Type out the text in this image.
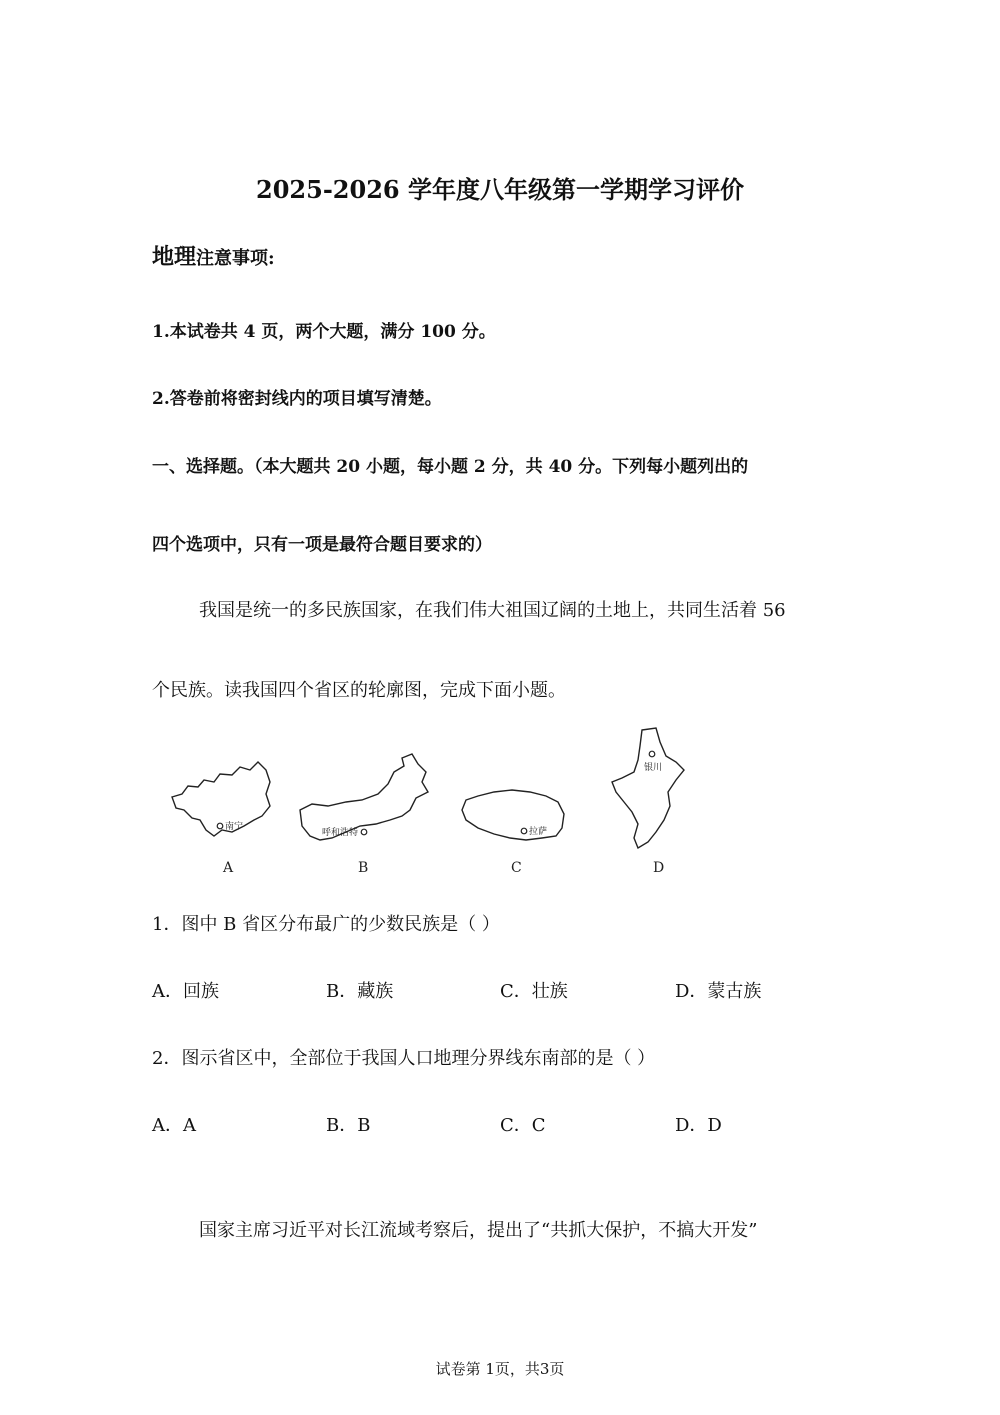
2025-2026 学年度八年级第一学期学习评价
地理注意事项:
1.本试卷共 4 页，两个大题，满分 100 分。
2.答卷前将密封线内的项目填写清楚。
一、选择题。（本大题共 20 小题，每小题 2 分，共 40 分。下列每小题列出的
四个选项中，只有一项是最符合题目要求的）
我国是统一的多民族国家，在我们伟大祖国辽阔的土地上，共同生活着 56
个民族。读我国四个省区的轮廓图，完成下面小题。
南宁
A
呼和浩特
B
拉萨
C
银川
D
1．图中 B 省区分布最广的少数民族是（ ）
A．回族	B．藏族	C．壮族	D．蒙古族
2．图示省区中，全部位于我国人口地理分界线东南部的是（ ）
A．A	B．B	C．C	D．D
国家主席习近平对长江流域考察后，提出了“共抓大保护，不搞大开发”
试卷第 1页，共3页
